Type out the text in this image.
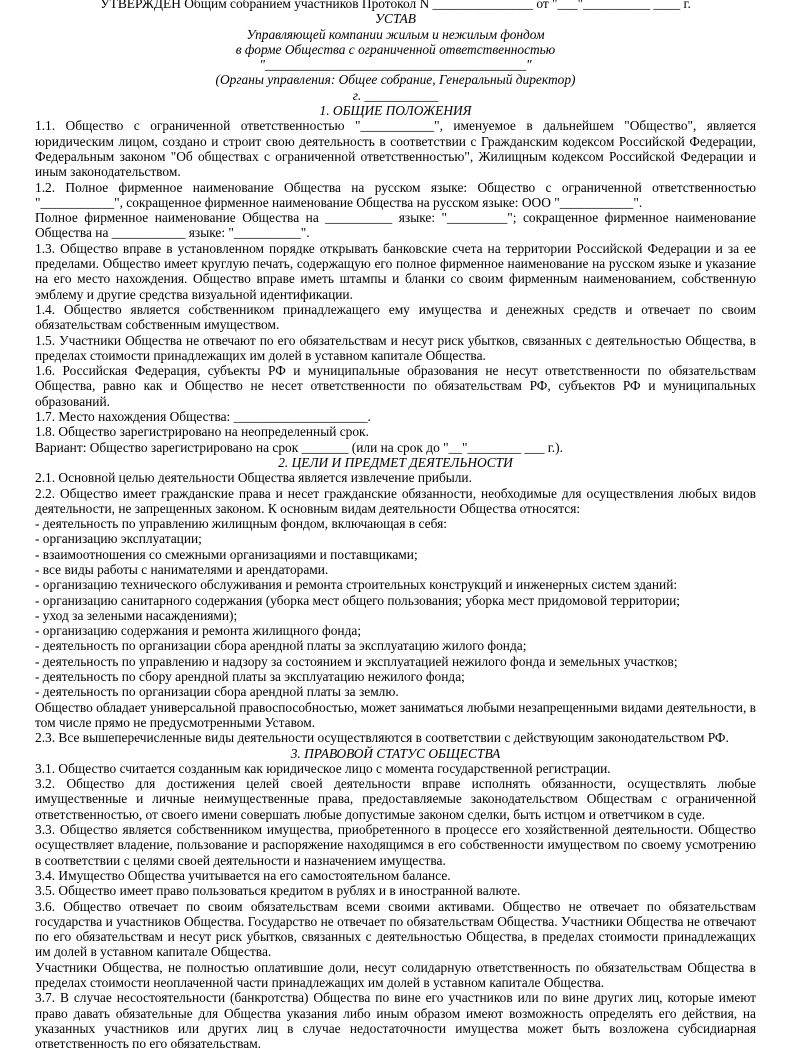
УТВЕРЖДЕН Общим собранием участников Протокол N _______________ от "___"__________ ____ г.
УСТАВ
Управляющей компании жилым и нежилым фондом
в форме Общества с ограниченной ответственностью
"_______________________________________"
(Органы управления: Общее собрание, Генеральный директор)
г. ___________
1. ОБЩИЕ ПОЛОЖЕНИЯ

1.1. Общество с ограниченной ответственностью "___________", именуемое в дальнейшем "Общество", является юридическим лицом, создано и строит свою деятельность в соответствии с Гражданским кодексом Российской Федерации, Федеральным законом "Об обществах с ограниченной ответственностью", Жилищным кодексом Российской Федерации и иным законодательством.

1.2. Полное фирменное наименование Общества на русском языке: Общество с ограниченной ответственностью "___________", сокращенное фирменное наименование Общества на русском языке: ООО "___________".

Полное фирменное наименование Общества на __________ языке: "_________"; сокращенное фирменное наименование Общества на ___________ языке: "__________".

1.3. Общество вправе в установленном порядке открывать банковские счета на территории Российской Федерации и за ее пределами. Общество имеет круглую печать, содержащую его полное фирменное наименование на русском языке и указание на его место нахождения. Общество вправе иметь штампы и бланки со своим фирменным наименованием, собственную эмблему и другие средства визуальной идентификации.

1.4. Общество является собственником принадлежащего ему имущества и денежных средств и отвечает по своим обязательствам собственным имуществом.

1.5. Участники Общества не отвечают по его обязательствам и несут риск убытков, связанных с деятельностью Общества, в пределах стоимости принадлежащих им долей в уставном капитале Общества.

1.6. Российская Федерация, субъекты РФ и муниципальные образования не несут ответственности по обязательствам Общества, равно как и Общество не несет ответственности по обязательствам РФ, субъектов РФ и муниципальных образований.

1.7. Место нахождения Общества: ____________________.

1.8. Общество зарегистрировано на неопределенный срок.

Вариант: Общество зарегистрировано на срок _______ (или на срок до "__"________ ___ г.).

2. ЦЕЛИ И ПРЕДМЕТ ДЕЯТЕЛЬНОСТИ

2.1. Основной целью деятельности Общества является извлечение прибыли.

2.2. Общество имеет гражданские права и несет гражданские обязанности, необходимые для осуществления любых видов деятельности, не запрещенных законом. К основным видам деятельности Общества относятся:

- деятельность по управлению жилищным фондом, включающая в себя:

- организацию эксплуатации;

- взаимоотношения со смежными организациями и поставщиками;

- все виды работы с нанимателями и арендаторами.

- организацию технического обслуживания и ремонта строительных конструкций и инженерных систем зданий:

- организацию санитарного содержания (уборка мест общего пользования; уборка мест придомовой территории;

- уход за зелеными насаждениями);

- организацию содержания и ремонта жилищного фонда;

- деятельность по организации сбора арендной платы за эксплуатацию жилого фонда;

- деятельность по управлению и надзору за состоянием и эксплуатацией нежилого фонда и земельных участков;

- деятельность по сбору арендной платы за эксплуатацию нежилого фонда;

- деятельность по организации сбора арендной платы за землю.

Общество обладает универсальной правоспособностью, может заниматься любыми незапрещенными видами деятельности, в том числе прямо не предусмотренными Уставом.

2.3. Все вышеперечисленные виды деятельности осуществляются в соответствии с действующим законодательством РФ.

3. ПРАВОВОЙ СТАТУС ОБЩЕСТВА

3.1. Общество считается созданным как юридическое лицо с момента государственной регистрации.

3.2. Общество для достижения целей своей деятельности вправе исполнять обязанности, осуществлять любые имущественные и личные неимущественные права, предоставляемые законодательством Обществам с ограниченной ответственностью, от своего имени совершать любые допустимые законом сделки, быть истцом и ответчиком в суде.

3.3. Общество является собственником имущества, приобретенного в процессе его хозяйственной деятельности. Общество осуществляет владение, пользование и распоряжение находящимся в его собственности имуществом по своему усмотрению в соответствии с целями своей деятельности и назначением имущества.

3.4. Имущество Общества учитывается на его самостоятельном балансе.

3.5. Общество имеет право пользоваться кредитом в рублях и в иностранной валюте.

3.6. Общество отвечает по своим обязательствам всеми своими активами. Общество не отвечает по обязательствам государства и участников Общества. Государство не отвечает по обязательствам Общества. Участники Общества не отвечают по его обязательствам и несут риск убытков, связанных с деятельностью Общества, в пределах стоимости принадлежащих им долей в уставном капитале Общества.

Участники Общества, не полностью оплатившие доли, несут солидарную ответственность по обязательствам Общества в пределах стоимости неоплаченной части принадлежащих им долей в уставном капитале Общества.

3.7. В случае несостоятельности (банкротства) Общества по вине его участников или по вине других лиц, которые имеют право давать обязательные для Общества указания либо иным образом имеют возможность определять его действия, на указанных участников или других лиц в случае недостаточности имущества может быть возложена субсидиарная ответственность по его обязательствам.
